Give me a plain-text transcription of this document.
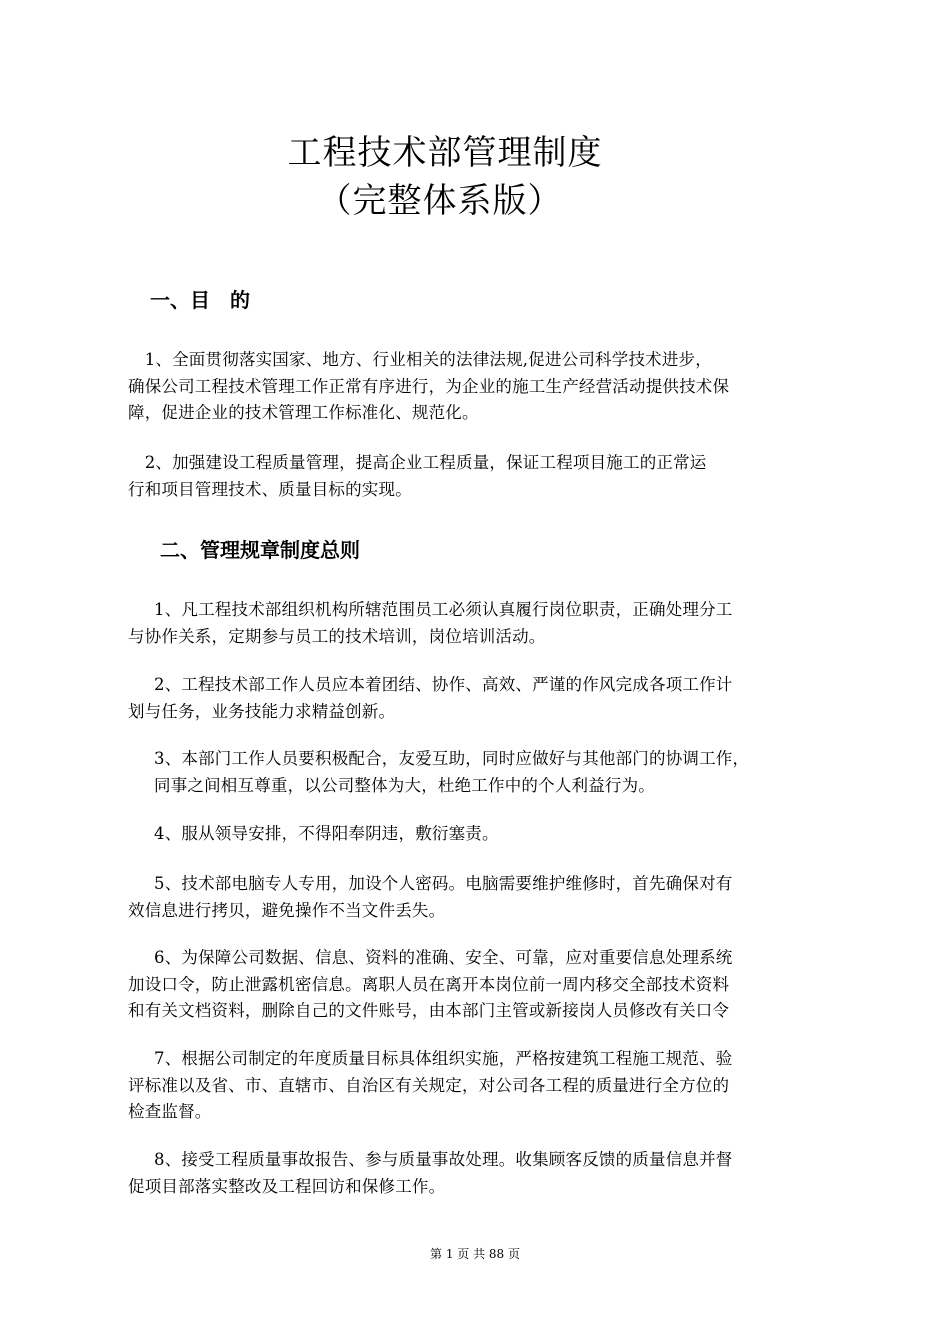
工程技术部管理制度
（完整体系版）
一、目　的
　1、全面贯彻落实国家、地方、行业相关的法律法规,促进公司科学技术进步，
确保公司工程技术管理工作正常有序进行，为企业的施工生产经营活动提供技术保
障，促进企业的技术管理工作标准化、规范化。
　2、加强建设工程质量管理，提高企业工程质量，保证工程项目施工的正常运
行和项目管理技术、质量目标的实现。
二、管理规章制度总则
1、凡工程技术部组织机构所辖范围员工必须认真履行岗位职责，正确处理分工
与协作关系，定期参与员工的技术培训，岗位培训活动。
2、工程技术部工作人员应本着团结、协作、高效、严谨的作风完成各项工作计
划与任务，业务技能力求精益创新。
3、本部门工作人员要积极配合，友爱互助，同时应做好与其他部门的协调工作，
同事之间相互尊重，以公司整体为大，杜绝工作中的个人利益行为。
4、服从领导安排，不得阳奉阴违，敷衍塞责。
5、技术部电脑专人专用，加设个人密码。电脑需要维护维修时，首先确保对有
效信息进行拷贝，避免操作不当文件丢失。
6、为保障公司数据、信息、资料的准确、安全、可靠，应对重要信息处理系统
加设口令，防止泄露机密信息。离职人员在离开本岗位前一周内移交全部技术资料
和有关文档资料，删除自己的文件账号，由本部门主管或新接岗人员修改有关口令
7、根据公司制定的年度质量目标具体组织实施，严格按建筑工程施工规范、验
评标准以及省、市、直辖市、自治区有关规定，对公司各工程的质量进行全方位的
检查监督。
8、接受工程质量事故报告、参与质量事故处理。收集顾客反馈的质量信息并督
促项目部落实整改及工程回访和保修工作。
第 1 页 共 88 页
